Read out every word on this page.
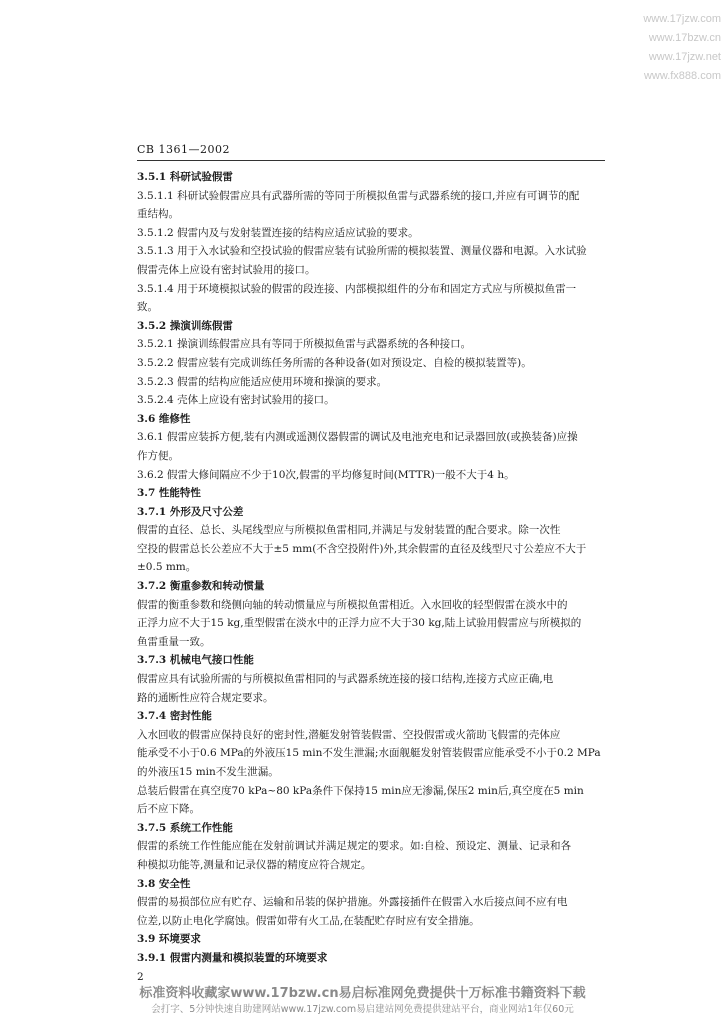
www.17jzw.com
www.17bzw.cn
www.17jzw.net
www.fx888.com
CB 1361—2002

3.5.1 科研试验假雷

3.5.1.1 科研试验假雷应具有武器所需的等同于所模拟鱼雷与武器系统的接口,并应有可调节的配

重结构。

3.5.1.2 假雷内及与发射装置连接的结构应适应试验的要求。

3.5.1.3 用于入水试验和空投试验的假雷应装有试验所需的模拟装置、测量仪器和电源。入水试验

假雷壳体上应设有密封试验用的接口。

3.5.1.4 用于环境模拟试验的假雷的段连接、内部模拟组件的分布和固定方式应与所模拟鱼雷一

致。

3.5.2 操演训练假雷

3.5.2.1 操演训练假雷应具有等同于所模拟鱼雷与武器系统的各种接口。

3.5.2.2 假雷应装有完成训练任务所需的各种设备(如对预设定、自检的模拟装置等)。

3.5.2.3 假雷的结构应能适应使用环境和操演的要求。

3.5.2.4 壳体上应设有密封试验用的接口。

3.6 维修性

3.6.1 假雷应装拆方便,装有内测或遥测仪器假雷的调试及电池充电和记录器回放(或换装备)应操

作方便。

3.6.2 假雷大修间隔应不少于10次,假雷的平均修复时间(MTTR)一般不大于4 h。

3.7 性能特性

3.7.1 外形及尺寸公差

假雷的直径、总长、头尾线型应与所模拟鱼雷相同,并满足与发射装置的配合要求。除一次性

空投的假雷总长公差应不大于±5 mm(不含空投附件)外,其余假雷的直径及线型尺寸公差应不大于

±0.5 mm。

3.7.2 衡重参数和转动惯量

假雷的衡重参数和绕侧向轴的转动惯量应与所模拟鱼雷相近。入水回收的轻型假雷在淡水中的

正浮力应不大于15 kg,重型假雷在淡水中的正浮力应不大于30 kg,陆上试验用假雷应与所模拟的

鱼雷重量一致。

3.7.3 机械电气接口性能

假雷应具有试验所需的与所模拟鱼雷相同的与武器系统连接的接口结构,连接方式应正确,电

路的通断性应符合规定要求。

3.7.4 密封性能

入水回收的假雷应保持良好的密封性,潜艇发射管装假雷、空投假雷或火箭助飞假雷的壳体应

能承受不小于0.6 MPa的外液压15 min不发生泄漏;水面舰艇发射管装假雷应能承受不小于0.2 MPa

的外液压15 min不发生泄漏。

总装后假雷在真空度70 kPa~80 kPa条件下保持15 min应无渗漏,保压2 min后,真空度在5 min

后不应下降。

3.7.5 系统工作性能

假雷的系统工作性能应能在发射前调试并满足规定的要求。如:自检、预设定、测量、记录和各

种模拟功能等,测量和记录仪器的精度应符合规定。

3.8 安全性

假雷的易损部位应有贮存、运输和吊装的保护措施。外露接插件在假雷入水后接点间不应有电

位差,以防止电化学腐蚀。假雷如带有火工品,在装配贮存时应有安全措施。

3.9 环境要求

3.9.1 假雷内测量和模拟装置的环境要求

2

标准资料收藏家www.17bzw.cn易启标准网免费提供十万标准书籍资料下载
会打字、5分钟快速自助建网站www.17jzw.com易启建站网免费提供建站平台，商业网站1年仅60元
